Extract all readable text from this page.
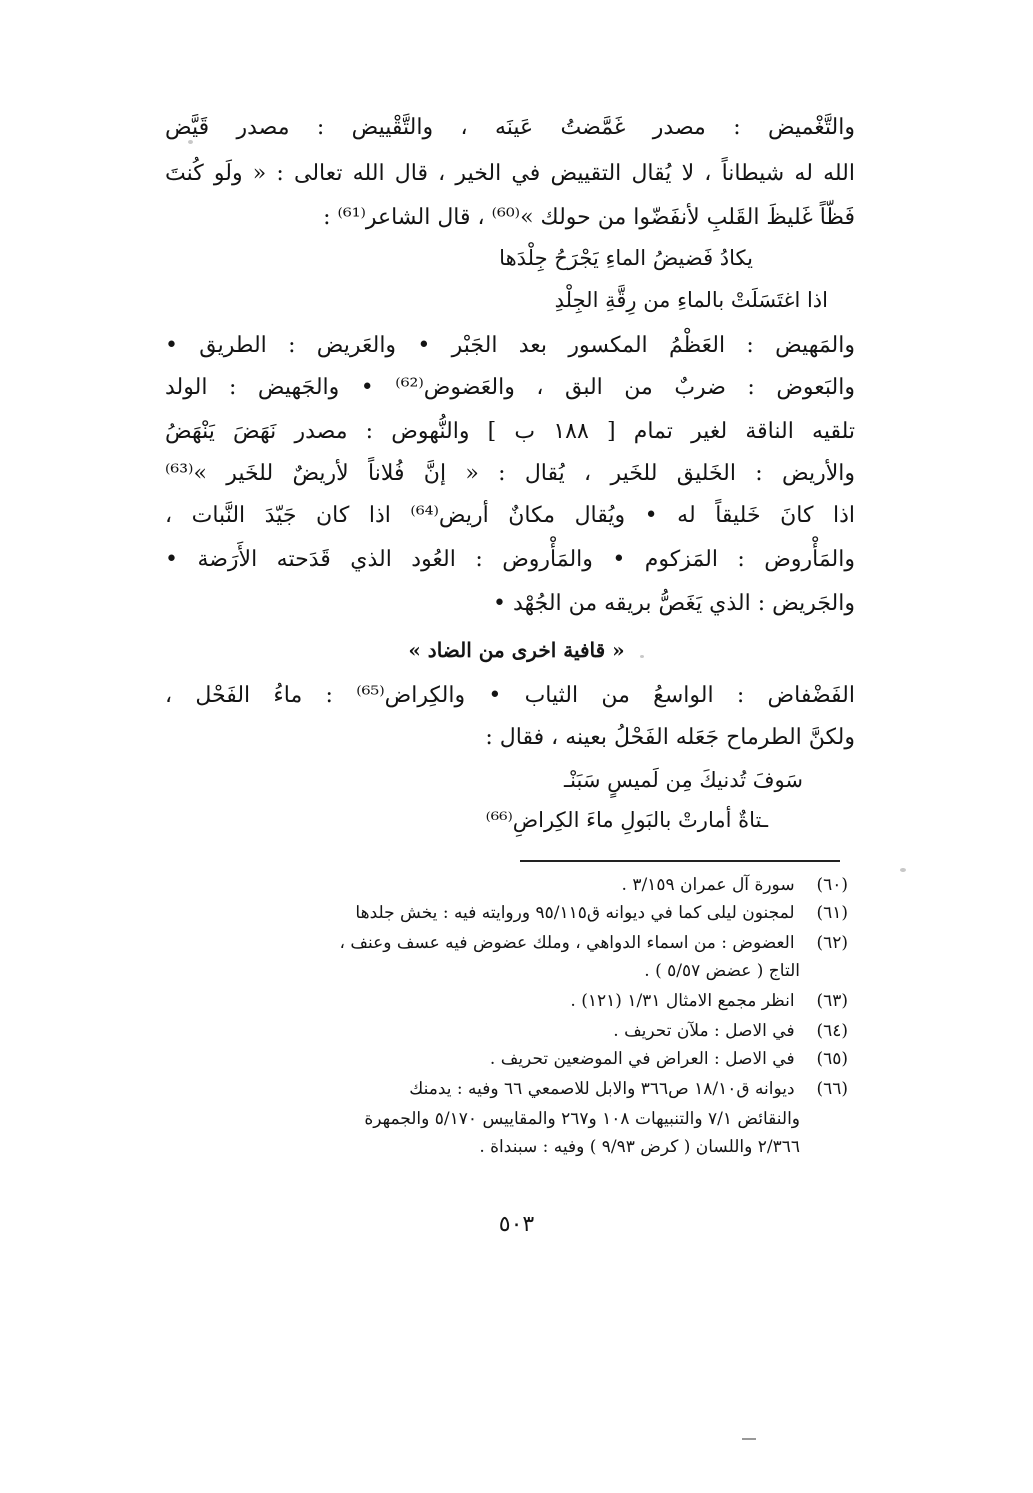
والتَّغْميض : مصدر غَمَّضتُ عَينَه ، والتَّقْييض : مصدر قَيَّض
الله له شيطاناً ، لا يُقال التقييض في الخير ، قال الله تعالى : « ولَو كُنتَ
فَظّاً غَليظَ القَلبِ لأنفَضّوا من حولك »⁽⁶⁰⁾ ، قال الشاعر⁽⁶¹⁾ :
يكادُ فَضيضُ الماءِ يَجْرَحُ جِلْدَها
اذا اغتَسَلَتْ بالماءِ من رِقَّةِ الجِلْدِ
والمَهيض : العَظْمُ المكسور بعد الجَبْر • والعَريض : الطريق •
والبَعوض : ضربٌ من البق ، والعَضوض⁽⁶²⁾ • والجَهيض : الولد
تلقيه الناقة لغير تمام [ ١٨٨ ب ] والنُّهوض : مصدر نَهَضَ يَنْهَضُ
والأريض : الخَليق للخَير ، يُقال : « إنَّ فُلاناً لأريضٌ للخَير »⁽⁶³⁾
اذا كانَ خَليقاً له • ويُقال مكانٌ أريض⁽⁶⁴⁾ اذا كان جَيّدَ النَّبات ،
والمَأْروض : المَزكوم • والمَأْروض : العُود الذي قَدَحته الأَرَضة •
والجَريض : الذي يَغَصُّ بريقه من الجُهْد •
« قافية اخرى من الضاد »
الفَضْفاض : الواسعُ من الثياب • والكِراض⁽⁶⁵⁾ : ماءُ الفَحْل ،
ولكنَّ الطرماح جَعَله الفَحْلُ بعينه ، فقال :
سَوفَ تُدنيكَ مِن لَميسٍ سَبَنْـ
ـتاةٌ أمارتْ بالبَولِ ماءَ الكِراضِ⁽⁶⁶⁾
(٦٠) سورة آل عمران ٣/١٥٩ .
(٦١) لمجنون ليلى كما في ديوانه ق٩٥/١١٥ وروايته فيه : يخش جلدها
(٦٢) العضوض : من اسماء الدواهي ، وملك عضوض فيه عسف وعنف ،
التاج ( عضض ٥/٥٧ ) .
(٦٣) انظر مجمع الامثال ١/٣١ (١٢١) .
(٦٤) في الاصل : ملآن تحريف .
(٦٥) في الاصل : العراض في الموضعين تحريف .
(٦٦) ديوانه ق١٨/١٠ ص٣٦٦ والابل للاصمعي ٦٦ وفيه : يدمنك
والنقائض ٧/١ والتنبيهات ١٠٨ و٢٦٧ والمقاييس ٥/١٧٠ والجمهرة
٢/٣٦٦ واللسان ( كرض ٩/٩٣ ) وفيه : سبنداة .
٥٠٣
